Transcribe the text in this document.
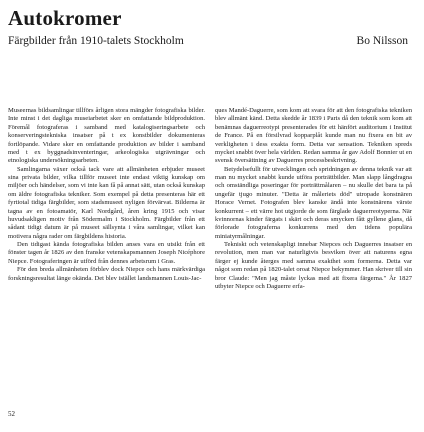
Autokromer

Färgbilder från 1910-talets Stockholm	Bo Nilsson

Museernas bildsamlingar tillförs årligen stora mängder fotografiska bilder. Inte minst i det dagliga museiarbetet sker en omfattande bildproduktion. Föremål fotograferas i samband med katalogiseringsarbete och konserveringstekniska insatser på t ex konstbilder dokumenteras fortlöpande. Vidare sker en omfattande produktion av bilder i samband med t ex byggnadsinventeringar, arkeologiska utgrävningar och etnologiska undersökningsarbeten.

Samlingarna växer också tack vare att allmänheten erbjuder museet sina privata bilder, vilka tillför museet inte endast viktig kunskap om miljöer och händelser, som vi inte kan få på annat sätt, utan också kunskap om äldre fotografiska tekniker. Som exempel på detta presenteras här ett fyrtiotal tidiga färgbilder, som stadsmuseet nyligen förvärvat. Bilderna är tagna av en fotoamatör, Karl Nordgård, åren kring 1915 och visar huvudsakligen motiv från Södermalm i Stockholm. Färgbilder från ett sådant tidigt datum är på museet sällsynta i våra samlingar, vilket kan motivera några rader om färgbildens historia.

Den tidigast kända fotografiska bilden anses vara en utsikt från ett fönster tagen år 1826 av den franske vetenskapsmannen Joseph Nicéphore Niepce. Fotograferingen är utförd från dennes arbetsrum i Gras.

För den breda allmänheten förblev dock Niepce och hans märkvärdiga forskningsresultat länge okända. Det blev istället landsmannen Louis-Jac-

ques Mandé-Daguerre, som kom att svara för att den fotografiska tekniken blev allmänt känd. Detta skedde år 1839 i Paris då den teknik som kom att benämnas daguerreotypi presenterades för ett hänfört auditorium i Institut de France. På en försilvrad kopparplåt kunde man nu fixera en bit av verkligheten i dess exakta form. Detta var sensation. Tekniken spreds mycket snabbt över hela världen. Redan samma år gav Adolf Bonnier ut en svensk översättning av Daguerres processbeskrivning.

Betydelsefullt för utvecklingen och spridningen av denna teknik var att man nu mycket snabbt kunde utföra porträttbilder. Man slapp långdragna och omständliga poseringar för porträttmålaren – nu skulle det bara ta på ungefär tjugo minuter. "Detta är måleriets död" utropade konstnären Horace Vernet. Fotografen blev kanske ändå inte konstnärens värste konkurrent – ett värre hot utgjorde de som färglade daguerreotyperna. När kvinnornas kinder färgats i skärt och deras smycken fått gyllene glans, då förlorade fotograferna konkurrens med den tidens populära miniatyrmålningar.

Tekniskt och vetenskapligt innebar Niepces och Daguerres insatser en revolution, men man var naturligtvis besviken över att naturens egna färger ej kunde återges med samma exakthet som formerna. Detta var något som redan på 1820-talet oroat Niepce bekymmer. Han skriver till sin bror Claude: "Men jag måste lyckas med att fixera färgerna." År 1827 utbyter Niepce och Daguerre erfa-

52
